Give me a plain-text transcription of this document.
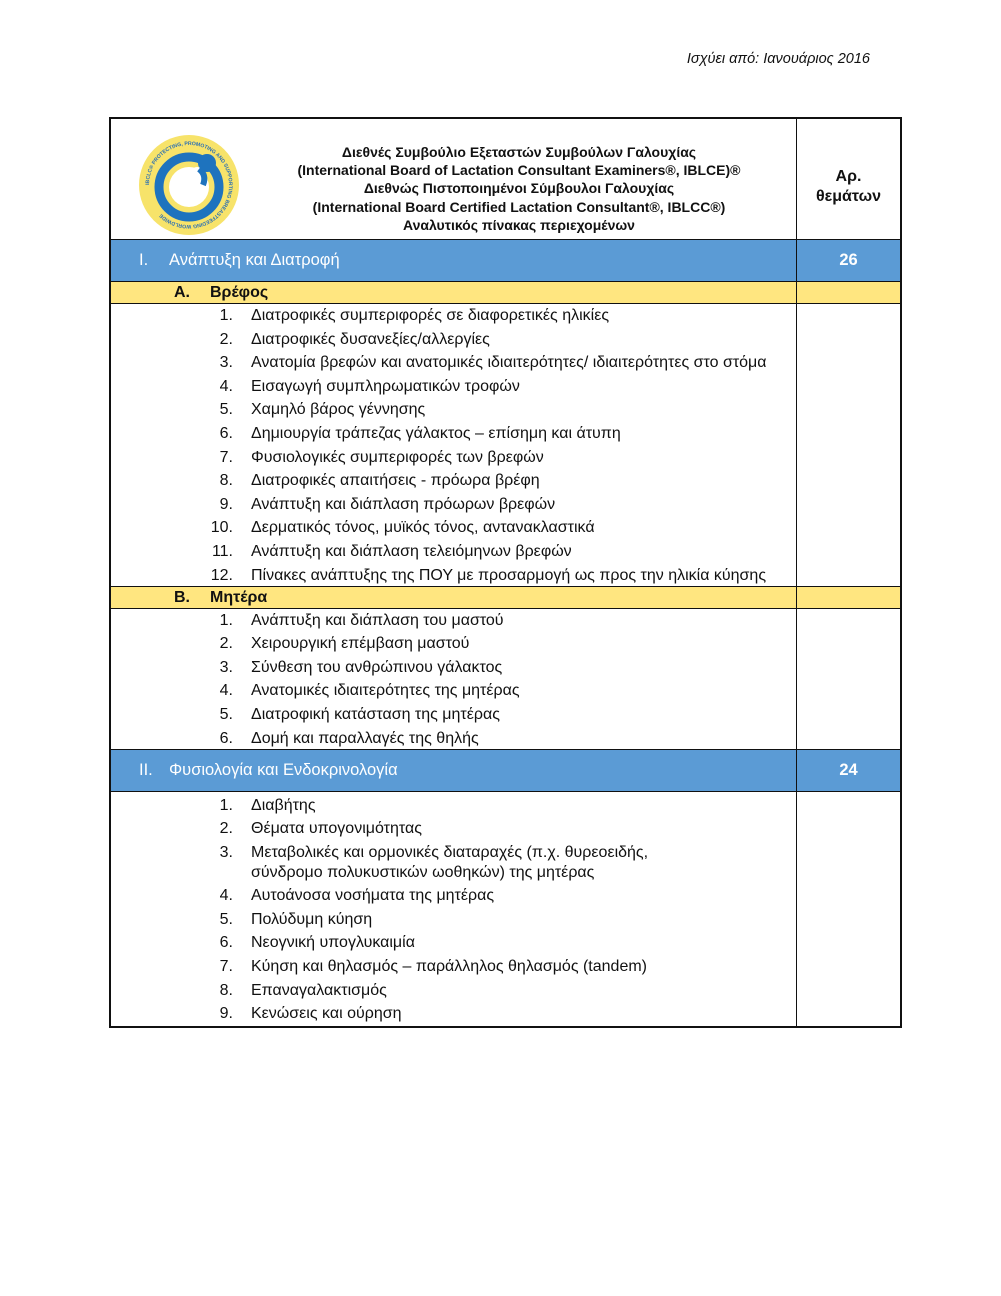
Ισχύει από: Ιανουάριος 2016
IBCLC® PROTECTING, PROMOTING AND SUPPORTING BREASTFEEDING WORLDWIDE
Διεθνές Συμβούλιο Εξεταστών Συμβούλων Γαλουχίας
(International Board of Lactation Consultant Examiners®, IBLCE)®
Διεθνώς Πιστοποιημένοι Σύμβουλοι Γαλουχίας
(International Board Certified Lactation Consultant®, IBLCC®)
Αναλυτικός πίνακας περιεχομένων
Αρ.
θεμάτων
I. Ανάπτυξη και Διατροφή	26
A. Βρέφος
1. Διατροφικές συμπεριφορές σε διαφορετικές ηλικίες
2. Διατροφικές δυσανεξίες/αλλεργίες
3.	Ανατομία βρεφών και ανατομικές ιδιαιτερότητες/ ιδιαιτερότητες στο στόμα
4. Εισαγωγή συμπληρωματικών τροφών
5. Χαμηλό βάρος γέννησης
6. Δημιουργία τράπεζας γάλακτος – επίσημη και άτυπη
7. Φυσιολογικές συμπεριφορές των βρεφών
8. Διατροφικές απαιτήσεις - πρόωρα βρέφη
9. Ανάπτυξη και διάπλαση πρόωρων βρεφών
10. Δερματικός τόνος, μυϊκός τόνος, αντανακλαστικά
11. Ανάπτυξη και διάπλαση τελειόμηνων βρεφών
12.	Πίνακες ανάπτυξης της ΠΟΥ με προσαρμογή ως προς την ηλικία κύησης
B. Μητέρα
1. Ανάπτυξη και διάπλαση του μαστού
2. Χειρουργική επέμβαση μαστού
3. Σύνθεση του ανθρώπινου γάλακτος
4. Ανατομικές ιδιαιτερότητες της μητέρας
5. Διατροφική κατάσταση της μητέρας
6. Δομή και παραλλαγές της θηλής
II. Φυσιολογία και Ενδοκρινολογία	24
1. Διαβήτης
2. Θέματα υπογονιμότητας
3. Μεταβολικές και ορμονικές διαταραχές (π.χ. θυρεοειδής, σύνδρομο πολυκυστικών ωοθηκών) της μητέρας
4. Αυτοάνοσα νοσήματα της μητέρας
5. Πολύδυμη κύηση
6. Νεογνική υπογλυκαιμία
7. Κύηση και θηλασμός – παράλληλος θηλασμός (tandem)
8. Επαναγαλακτισμός
9. Κενώσεις και ούρηση
